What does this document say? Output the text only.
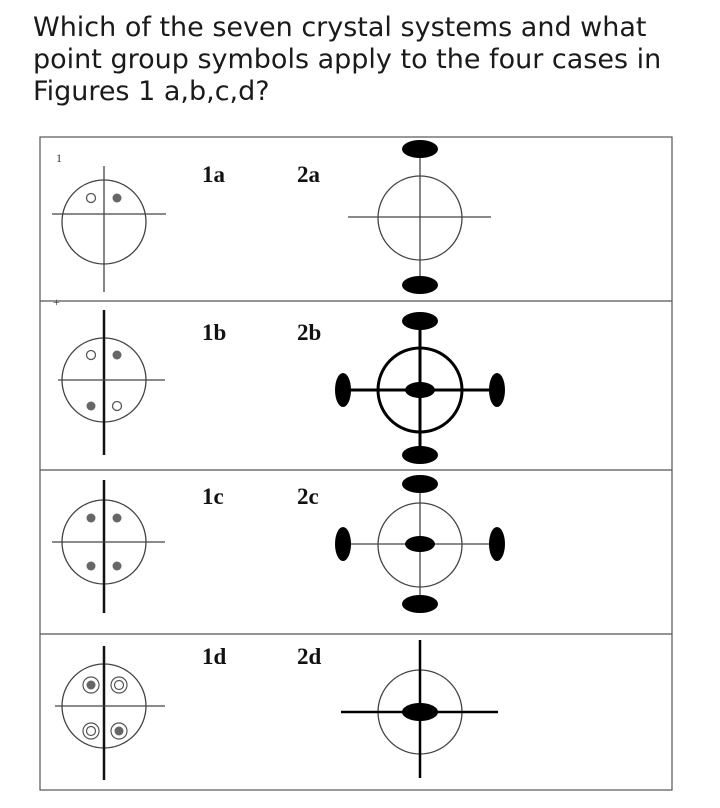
Which of the seven crystal systems and what point group symbols apply to the four cases in Figures 1 a,b,c,d?
1
+
1a	2a
1b	2b
1c	2c
1d	2d
